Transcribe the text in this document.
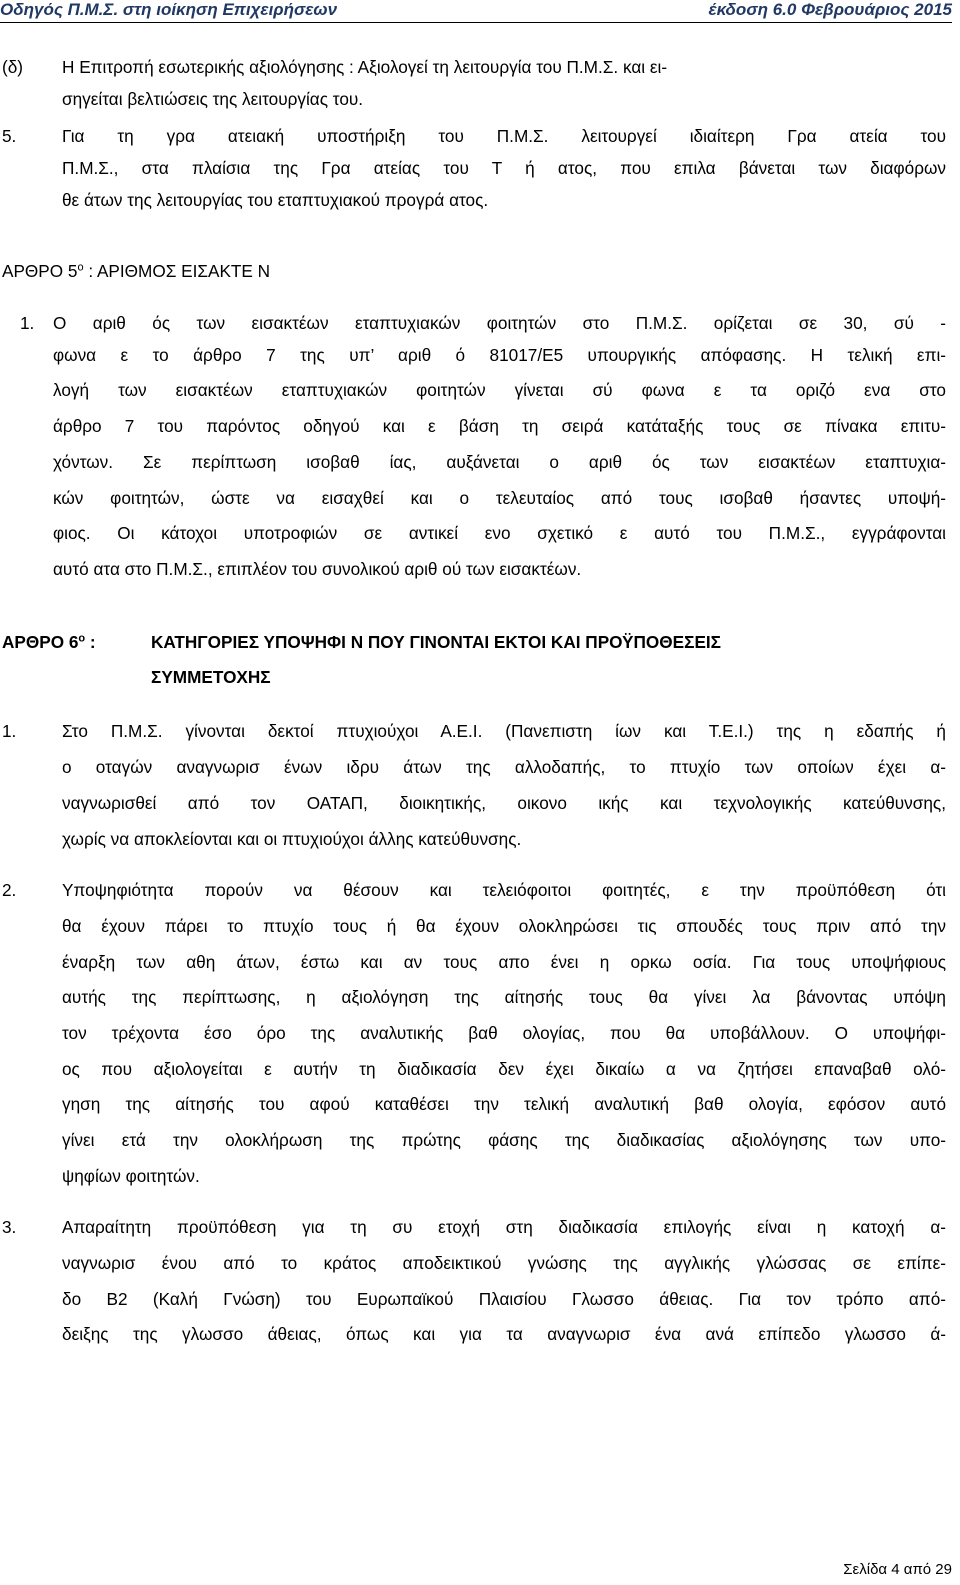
Οδηγός Π.Μ.Σ. στη ιοίκηση Επιχειρήσεων	έκδοση 6.0 Φεβρουάριος 2015
(δ) Η Επιτροπή εσωτερικής αξιολόγησης : Αξιολογεί τη λειτουργία του Π.Μ.Σ. και ει-
σηγείται βελτιώσεις της λειτουργίας του.
5.	Για τη γρα ατειακή υποστήριξη του Π.Μ.Σ. λειτουργεί ιδιαίτερη Γρα ατεία του
Π.Μ.Σ., στα πλαίσια της Γρα ατείας του Τ ή ατος, που επιλα βάνεται των διαφόρων
θε άτων της λειτουργίας του εταπτυχιακού προγρά ατος.
ΑΡΘΡΟ $5^o$ : ΑΡΙΘΜΟΣ ΕΙΣΑΚΤΕ Ν
1. Ο αριθ ός των εισακτέων εταπτυχιακών φοιτητών στο Π.Μ.Σ. ορίζεται σε 30, σύ -
φωνα ε το άρθρο 7 της υπ’ αριθ ό 81017/Ε5 υπουργικής απόφασης. Η τελική επι-
λογή των εισακτέων εταπτυχιακών φοιτητών γίνεται σύ φωνα ε τα οριζό ενα στο
άρθρο 7 του παρόντος οδηγού και ε βάση τη σειρά κατάταξής τους σε πίνακα επιτυ-
χόντων. Σε περίπτωση ισοβαθ ίας, αυξάνεται ο αριθ ός των εισακτέων εταπτυχια-
κών φοιτητών, ώστε να εισαχθεί και ο τελευταίος από τους ισοβαθ ήσαντες υποψή-
φιος. Οι κάτοχοι υποτροφιών σε αντικεί ενο σχετικό ε αυτό του Π.Μ.Σ., εγγράφονται
αυτό ατα στο Π.Μ.Σ., επιπλέον του συνολικού αριθ ού των εισακτέων.
ΑΡΘΡΟ $6^o$ :	ΚΑΤΗΓΟΡΙΕΣ ΥΠΟΨΗΦΙ Ν ΠΟΥ ΓΙΝΟΝΤΑΙ ΕΚΤΟΙ ΚΑΙ ΠΡΟΫΠΟΘΕΣΕΙΣ
ΣΥΜΜΕΤΟΧΗΣ
1.	Στο Π.Μ.Σ. γίνονται δεκτοί πτυχιούχοι Α.Ε.Ι. (Πανεπιστη ίων και Τ.Ε.Ι.) της η εδαπής ή
ο οταγών αναγνωρισ ένων ιδρυ άτων της αλλοδαπής, το πτυχίο των οποίων έχει α-
ναγνωρισθεί από τον ΟΑΤΑΠ, διοικητικής, οικονο ικής και τεχνολογικής κατεύθυνσης,
χωρίς να αποκλείονται και οι πτυχιούχοι άλλης κατεύθυνσης.
2.	Υποψηφιότητα πορούν να θέσουν και τελειόφοιτοι φοιτητές, ε την προϋπόθεση ότι
θα έχουν πάρει το πτυχίο τους ή θα έχουν ολοκληρώσει τις σπουδές τους πριν από την
έναρξη των αθη άτων, έστω και αν τους απο ένει η ορκω οσία. Για τους υποψήφιους
αυτής της περίπτωσης, η αξιολόγηση της αίτησής τους θα γίνει λα βάνοντας υπόψη
τον τρέχοντα έσο όρο της αναλυτικής βαθ ολογίας, που θα υποβάλλουν. Ο υποψήφι-
ος που αξιολογείται ε αυτήν τη διαδικασία δεν έχει δικαίω α να ζητήσει επαναβαθ ολό-
γηση της αίτησής του αφού καταθέσει την τελική αναλυτική βαθ ολογία, εφόσον αυτό
γίνει ετά την ολοκλήρωση της πρώτης φάσης της διαδικασίας αξιολόγησης των υπο-
ψηφίων φοιτητών.
3.	Απαραίτητη προϋπόθεση για τη συ ετοχή στη διαδικασία επιλογής είναι η κατοχή α-
ναγνωρισ ένου από το κράτος αποδεικτικού γνώσης της αγγλικής γλώσσας σε επίπε-
δο Β2 (Καλή Γνώση) του Ευρωπαϊκού Πλαισίου Γλωσσο άθειας. Για τον τρόπο από-
δειξης της γλωσσο άθειας, όπως και για τα αναγνωρισ ένα ανά επίπεδο γλωσσο ά-
Σελίδα 4 από 29
